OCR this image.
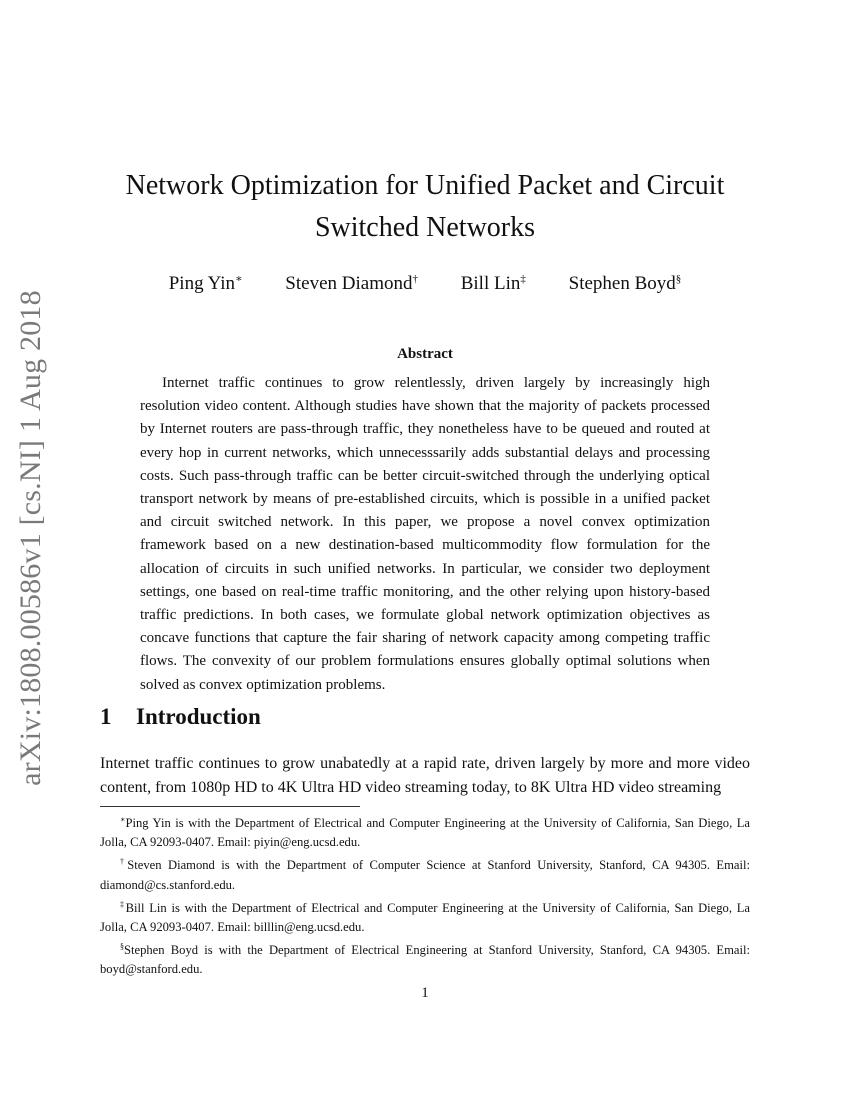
arXiv:1808.00586v1 [cs.NI] 1 Aug 2018
Network Optimization for Unified Packet and Circuit
Switched Networks
Ping Yin∗ Steven Diamond† Bill Lin‡ Stephen Boyd§
Abstract

Internet traffic continues to grow relentlessly, driven largely by increasingly high resolution video content. Although studies have shown that the majority of packets processed by Internet routers are pass-through traffic, they nonetheless have to be queued and routed at every hop in current networks, which unnecesssarily adds substantial delays and processing costs. Such pass-through traffic can be better circuit-switched through the underlying optical transport network by means of pre-established circuits, which is possible in a unified packet and circuit switched network. In this paper, we propose a novel convex optimization framework based on a new destination-based multicommodity flow formulation for the allocation of circuits in such unified networks. In particular, we consider two deployment settings, one based on real-time traffic monitoring, and the other relying upon history-based traffic predictions. In both cases, we formulate global network optimization objectives as concave functions that capture the fair sharing of network capacity among competing traffic flows. The convexity of our problem formulations ensures globally optimal solutions when solved as convex optimization problems.

1 Introduction

Internet traffic continues to grow unabatedly at a rapid rate, driven largely by more and more video content, from 1080p HD to 4K Ultra HD video streaming today, to 8K Ultra HD video streaming

∗Ping Yin is with the Department of Electrical and Computer Engineering at the University of California, San Diego, La Jolla, CA 92093-0407. Email: piyin@eng.ucsd.edu.

†Steven Diamond is with the Department of Computer Science at Stanford University, Stanford, CA 94305. Email: diamond@cs.stanford.edu.

‡Bill Lin is with the Department of Electrical and Computer Engineering at the University of California, San Diego, La Jolla, CA 92093-0407. Email: billlin@eng.ucsd.edu.

§Stephen Boyd is with the Department of Electrical Engineering at Stanford University, Stanford, CA 94305. Email: boyd@stanford.edu.

1
